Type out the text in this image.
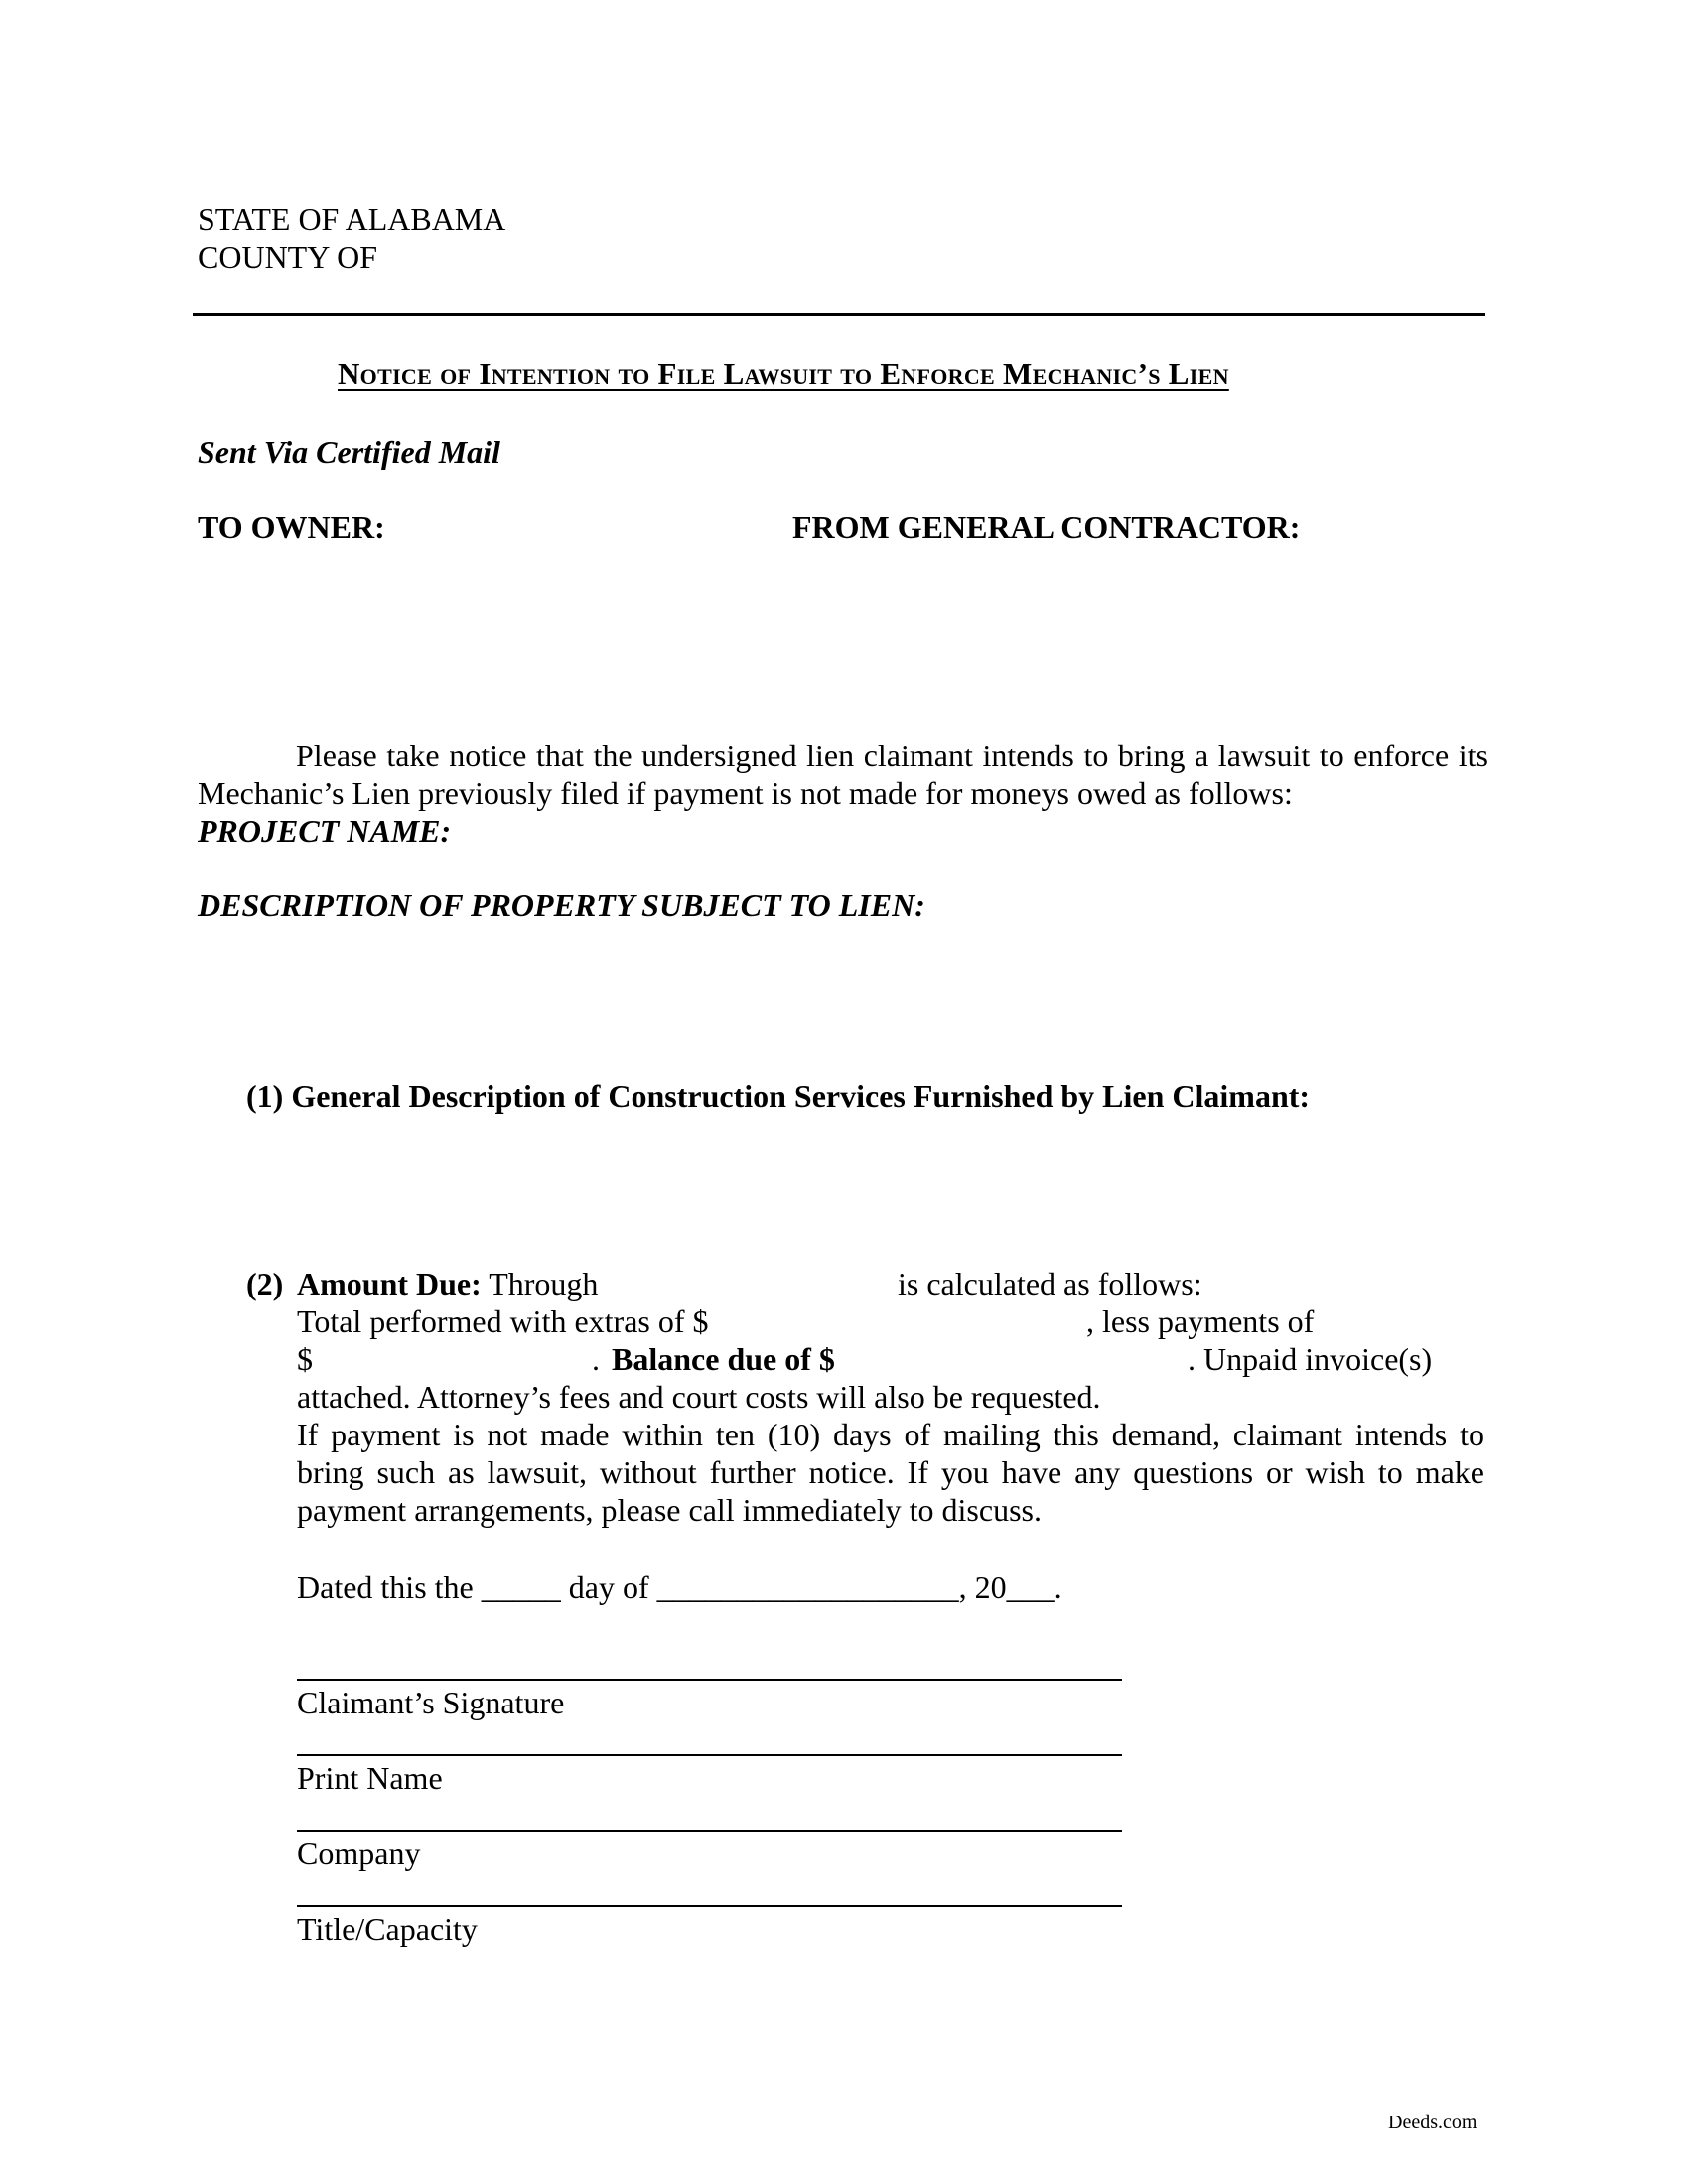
STATE OF ALABAMA
COUNTY OF
Notice of Intention to File Lawsuit to Enforce Mechanic’s Lien
Sent Via Certified Mail
TO OWNER:	FROM GENERAL CONTRACTOR:
Please take notice that the undersigned lien claimant intends to bring a lawsuit to enforce its Mechanic’s Lien previously filed if payment is not made for moneys owed as follows:
PROJECT NAME:
DESCRIPTION OF PROPERTY SUBJECT TO LIEN:
(1) General Description of Construction Services Furnished by Lien Claimant:
(2) Amount Due: Through	is calculated as follows:
Total performed with extras of $	, less payments of
$	. Balance due of $	. Unpaid invoice(s)
attached. Attorney’s fees and court costs will also be requested.
If payment is not made within ten (10) days of mailing this demand, claimant intends to bring such as lawsuit, without further notice. If you have any questions or wish to make payment arrangements, please call immediately to discuss.
Dated this the _____ day of ___________________, 20___.
Claimant’s Signature
Print Name
Company
Title/Capacity
Deeds.com
